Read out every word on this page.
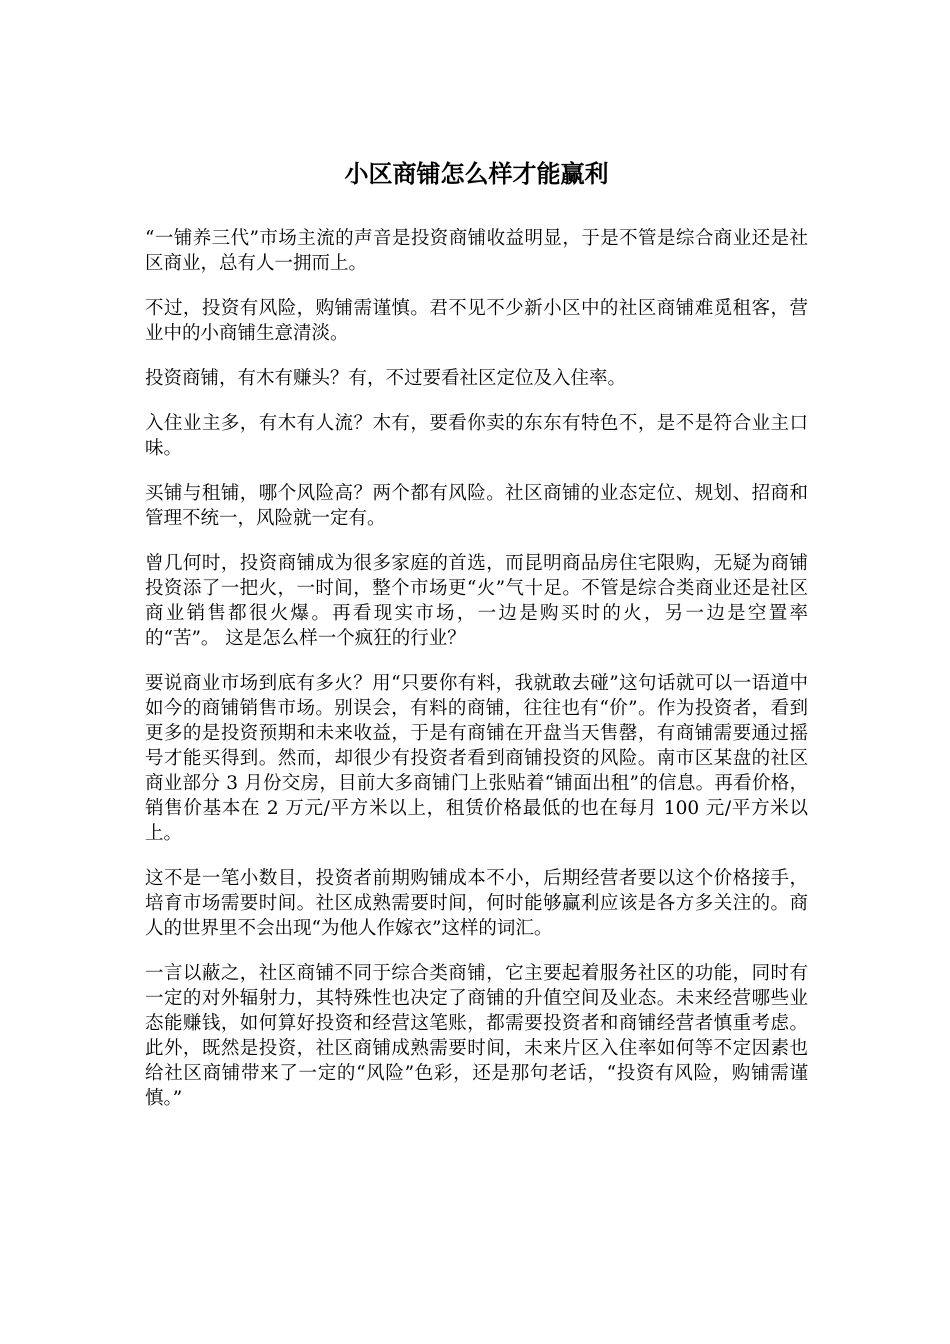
小区商铺怎么样才能赢利

“一铺养三代”市场主流的声音是投资商铺收益明显，于是不管是综合商业还是社区商业，总有人一拥而上。

不过，投资有风险，购铺需谨慎。君不见不少新小区中的社区商铺难觅租客，营业中的小商铺生意清淡。

投资商铺，有木有赚头？有，不过要看社区定位及入住率。

入住业主多，有木有人流？木有，要看你卖的东东有特色不，是不是符合业主口味。

买铺与租铺，哪个风险高？两个都有风险。社区商铺的业态定位、规划、招商和管理不统一，风险就一定有。

曾几何时，投资商铺成为很多家庭的首选，而昆明商品房住宅限购，无疑为商铺投资添了一把火，一时间，整个市场更“火”气十足。不管是综合类商业还是社区商业销售都很火爆。再看现实市场，一边是购买时的火，另一边是空置率的“苦”。 这是怎么样一个疯狂的行业？

要说商业市场到底有多火？用“只要你有料，我就敢去碰”这句话就可以一语道中如今的商铺销售市场。别误会，有料的商铺，往往也有“价”。作为投资者，看到更多的是投资预期和未来收益，于是有商铺在开盘当天售罄，有商铺需要通过摇号才能买得到。然而，却很少有投资者看到商铺投资的风险。南市区某盘的社区商业部分 3 月份交房，目前大多商铺门上张贴着“铺面出租”的信息。再看价格，销售价基本在 2 万元/平方米以上，租赁价格最低的也在每月 100 元/平方米以上。

这不是一笔小数目，投资者前期购铺成本不小，后期经营者要以这个价格接手，培育市场需要时间。社区成熟需要时间，何时能够赢利应该是各方多关注的。商人的世界里不会出现“为他人作嫁衣”这样的词汇。

一言以蔽之，社区商铺不同于综合类商铺，它主要起着服务社区的功能，同时有一定的对外辐射力，其特殊性也决定了商铺的升值空间及业态。未来经营哪些业态能赚钱，如何算好投资和经营这笔账，都需要投资者和商铺经营者慎重考虑。此外，既然是投资，社区商铺成熟需要时间，未来片区入住率如何等不定因素也给社区商铺带来了一定的“风险”色彩，还是那句老话，“投资有风险，购铺需谨慎。”
